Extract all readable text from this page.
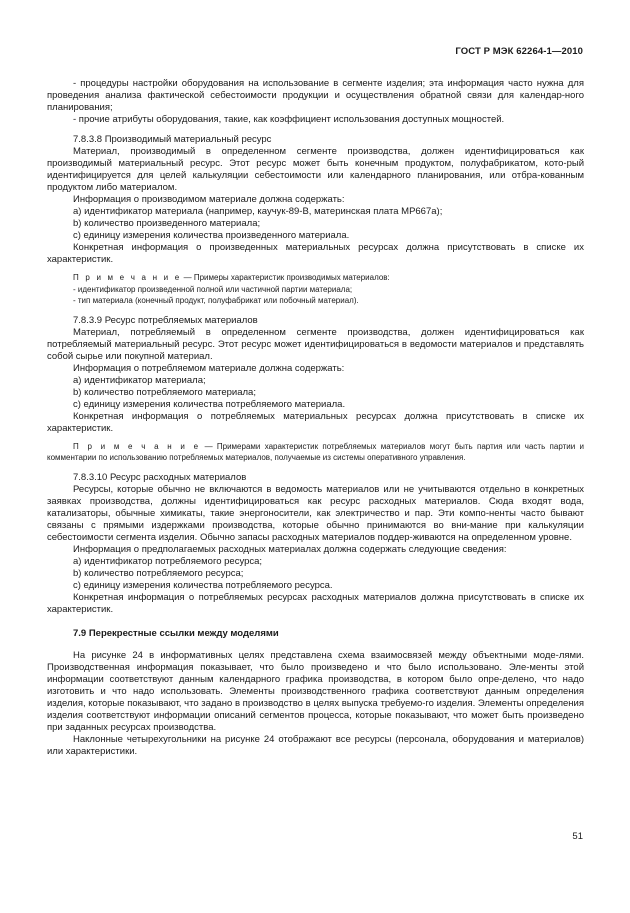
ГОСТ Р МЭК 62264-1—2010

- процедуры настройки оборудования на использование в сегменте изделия; эта информация часто нужна для проведения анализа фактической себестоимости продукции и осуществления обратной связи для календар-ного планирования;

- прочие атрибуты оборудования, такие, как коэффициент использования доступных мощностей.

7.8.3.8 Производимый материальный ресурс

Материал, производимый в определенном сегменте производства, должен идентифицироваться как производимый материальный ресурс. Этот ресурс может быть конечным продуктом, полуфабрикатом, кото-рый идентифицируется для целей калькуляции себестоимости или календарного планирования, или отбра-кованным продуктом либо материалом.

Информация о производимом материале должна содержать:

a) идентификатор материала (например, каучук-89-В, материнская плата МР667а);

b) количество произведенного материала;

c) единицу измерения количества произведенного материала.

Конкретная информация о произведенных материальных ресурсах должна присутствовать в списке их характеристик.

П р и м е ч а н и е — Примеры характеристик производимых материалов:

- идентификатор произведенной полной или частичной партии материала;

- тип материала (конечный продукт, полуфабрикат или побочный материал).

7.8.3.9 Ресурс потребляемых материалов

Материал, потребляемый в определенном сегменте производства, должен идентифицироваться как потребляемый материальный ресурс. Этот ресурс может идентифицироваться в ведомости материалов и представлять собой сырье или покупной материал.

Информация о потребляемом материале должна содержать:

a) идентификатор материала;

b) количество потребляемого материала;

c) единицу измерения количества потребляемого материала.

Конкретная информация о потребляемых материальных ресурсах должна присутствовать в списке их характеристик.

П р и м е ч а н и е — Примерами характеристик потребляемых материалов могут быть партия или часть партии и комментарии по использованию потребляемых материалов, получаемые из системы оперативного управления.

7.8.3.10 Ресурс расходных материалов

Ресурсы, которые обычно не включаются в ведомость материалов или не учитываются отдельно в конкретных заявках производства, должны идентифицироваться как ресурс расходных материалов. Сюда входят вода, катализаторы, обычные химикаты, такие энергоносители, как электричество и пар. Эти компо-ненты часто бывают связаны с прямыми издержками производства, которые обычно принимаются во вни-мание при калькуляции себестоимости сегмента изделия. Обычно запасы расходных материалов поддер-живаются на определенном уровне.

Информация о предполагаемых расходных материалах должна содержать следующие сведения:

a) идентификатор потребляемого ресурса;

b) количество потребляемого ресурса;

c) единицу измерения количества потребляемого ресурса.

Конкретная информация о потребляемых ресурсах расходных материалов должна присутствовать в списке их характеристик.

7.9 Перекрестные ссылки между моделями

На рисунке 24 в информативных целях представлена схема взаимосвязей между объектными моде-лями. Производственная информация показывает, что было произведено и что было использовано. Эле-менты этой информации соответствуют данным календарного графика производства, в котором было опре-делено, что надо изготовить и что надо использовать. Элементы производственного графика соответствуют данным определения изделия, которые показывают, что задано в производство в целях выпуска требуемо-го изделия. Элементы определения изделия соответствуют информации описаний сегментов процесса, которые показывают, что может быть произведено при заданных ресурсах производства.

Наклонные четырехугольники на рисунке 24 отображают все ресурсы (персонала, оборудования и материалов) или характеристики.

51
